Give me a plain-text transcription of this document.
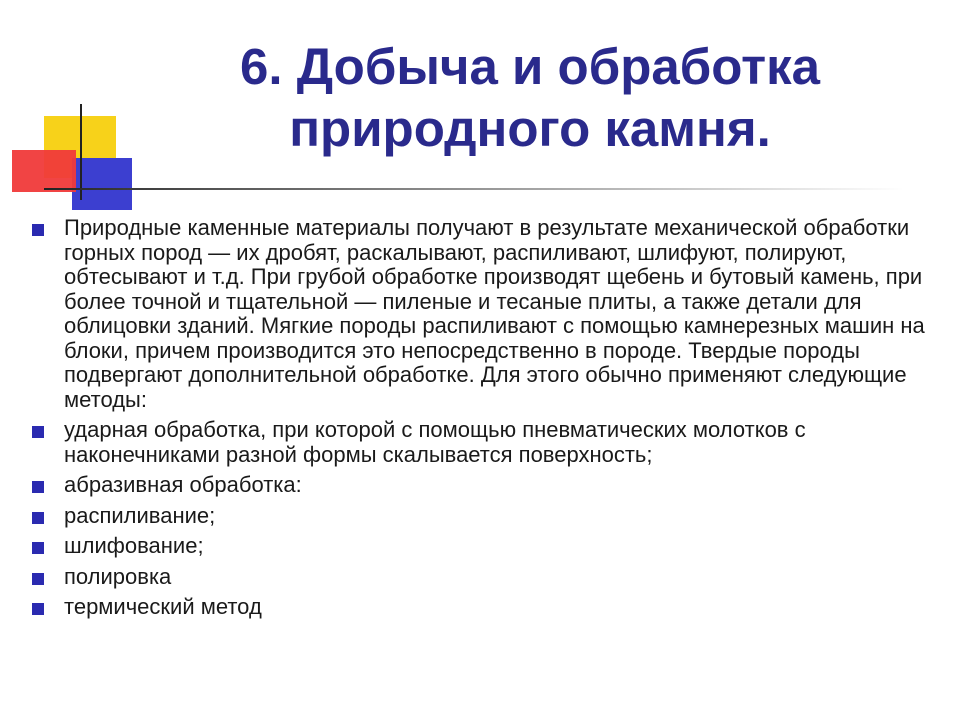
6. Добыча и обработка
природного камня.
Природные каменные материалы получают в результате механической обработки горных пород — их дробят, раскалывают, распиливают, шлифуют, полируют, обтесывают и т.д. При грубой обработке производят щебень и бутовый камень, при более точной и тщательной — пиленые и тесаные плиты, а также детали для облицовки зданий. Мягкие породы распиливают с помощью камнерезных машин на блоки, причем производится это непосредственно в породе. Твердые породы подвергают дополнительной обработке. Для этого обычно применяют следующие методы:
ударная обработка, при которой с помощью пневматических молотков с наконечниками разной формы скалывается поверхность;
абразивная обработка:
распиливание;
шлифование;
полировка
термический метод
